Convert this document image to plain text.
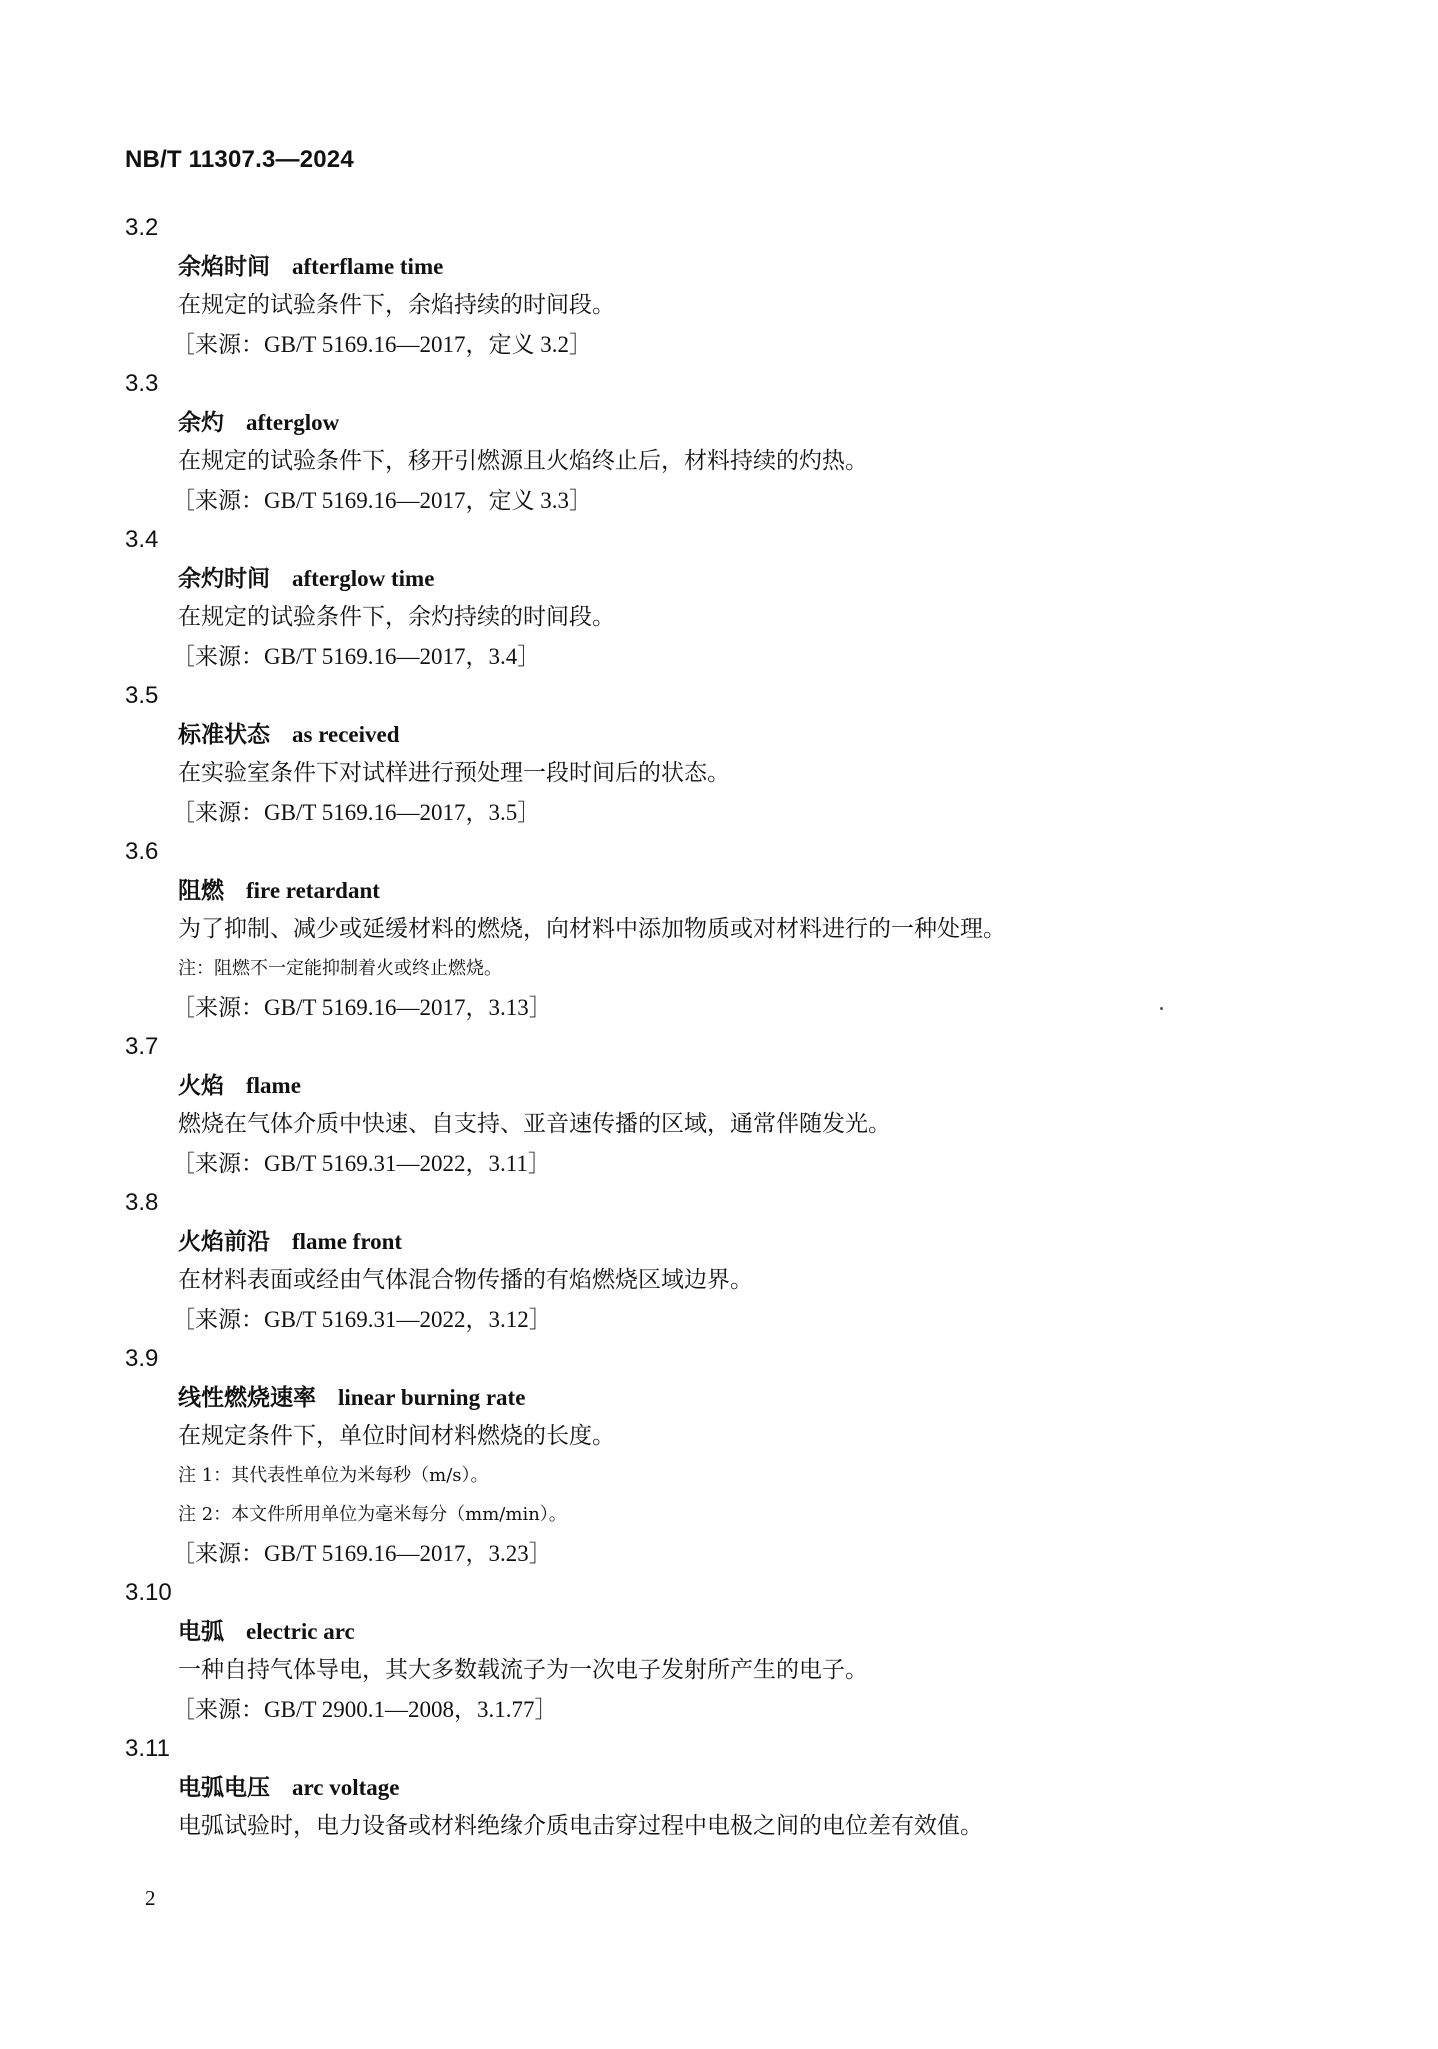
NB/T 11307.3—2024
3.2
余焰时间 afterflame time
在规定的试验条件下，余焰持续的时间段。
［来源：GB/T 5169.16—2017，定义 3.2］
3.3
余灼 afterglow
在规定的试验条件下，移开引燃源且火焰终止后，材料持续的灼热。
［来源：GB/T 5169.16—2017，定义 3.3］
3.4
余灼时间 afterglow time
在规定的试验条件下，余灼持续的时间段。
［来源：GB/T 5169.16—2017，3.4］
3.5
标准状态 as received
在实验室条件下对试样进行预处理一段时间后的状态。
［来源：GB/T 5169.16—2017，3.5］
3.6
阻燃 fire retardant
为了抑制、减少或延缓材料的燃烧，向材料中添加物质或对材料进行的一种处理。
注：阻燃不一定能抑制着火或终止燃烧。
［来源：GB/T 5169.16—2017，3.13］
3.7
火焰 flame
燃烧在气体介质中快速、自支持、亚音速传播的区域，通常伴随发光。
［来源：GB/T 5169.31—2022，3.11］
3.8
火焰前沿 flame front
在材料表面或经由气体混合物传播的有焰燃烧区域边界。
［来源：GB/T 5169.31—2022，3.12］
3.9
线性燃烧速率 linear burning rate
在规定条件下，单位时间材料燃烧的长度。
注 1：其代表性单位为米每秒（m/s）。
注 2：本文件所用单位为毫米每分（mm/min）。
［来源：GB/T 5169.16—2017，3.23］
3.10
电弧 electric arc
一种自持气体导电，其大多数载流子为一次电子发射所产生的电子。
［来源：GB/T 2900.1—2008，3.1.77］
3.11
电弧电压 arc voltage
电弧试验时，电力设备或材料绝缘介质电击穿过程中电极之间的电位差有效值。
2
